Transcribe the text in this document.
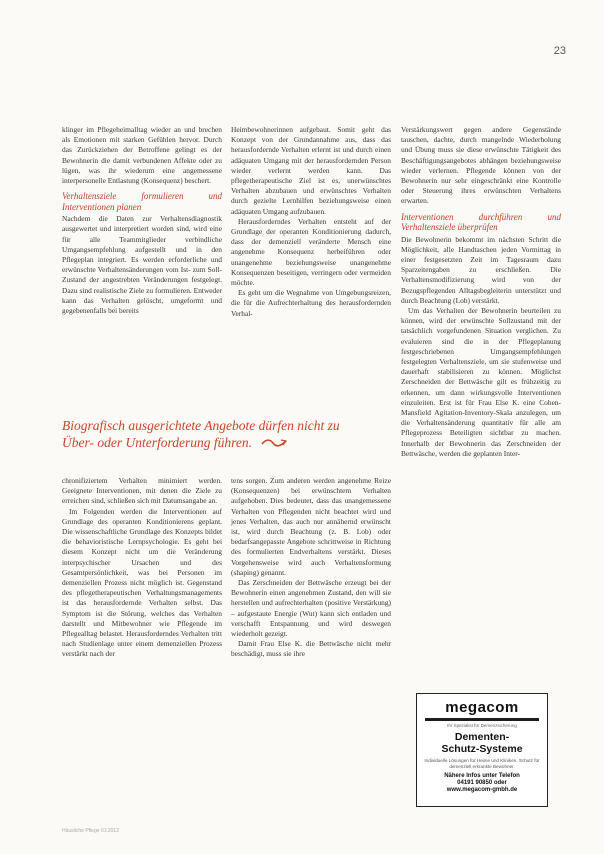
23

klinger im Pflegeheimalltag wieder an und brechen als Emotionen mit starken Gefühlen hervor. Durch das Zurückziehen der Betroffene gelingt es der Bewohnerin die damit verbundenen Affekte oder zu lügen, was ihr wiederum eine angemessene interpersonelle Entlastung (Konsequenz) beschert.

Verhaltensziele formulieren und Interventionen planen

Nachdem die Daten zur Verhaltensdiagnostik ausgewertet und interpretiert worden sind, wird eine für alle Teammitglieder verbindliche Umgangsempfehlung aufgestellt und in den Pflegeplan integriert. Es werden erforderliche und erwünschte Verhaltensänderungen vom Ist- zum Soll-Zustand der angestrebten Veränderungen festgelegt. Dazu sind realistische Ziele zu formulieren. Entweder kann das Verhalten gelöscht, umgeformt und gegebenenfalls bei bereits

Heimbewohnerinnen aufgebaut. Somit geht das Konzept von der Grundannahme aus, dass das herausfordernde Verhalten erlernt ist und durch einen adäquaten Umgang mit der herausfordernden Person wieder verlernt werden kann. Das pflegetherapeutische Ziel ist es, unerwünschtes Verhalten abzubauen und erwünschtes Verhalten durch gezielte Lernhilfen beziehungsweise einen adäquaten Umgang aufzubauen.

Herausforderndes Verhalten entsteht auf der Grundlage der operanten Konditionierung dadurch, dass der demenziell veränderte Mensch eine angenehme Konsequenz herbeiführen oder unangenehme beziehungsweise unangenehme Konsequenzen beseitigen, verringern oder vermeiden möchte.

Es geht um die Wegnahme von Umgebungsreizen, die für die Aufrechterhaltung des herausfordernden Verhal-

Verstärkungswert gegen andere Gegenstände tauschen, dachte, durch mangelnde Wiederholung und Übung muss sie diese erwünschte Tätigkeit des Beschäftigungsangebotes abhängen beziehungsweise wieder verlernen. Pflegende können von der Bewohnerin nur sehr eingeschränkt eine Kontrolle oder Steuerung ihres erwünschten Verhaltens erwarten.

Interventionen durchführen und Verhaltensziele überprüfen

Die Bewohnerin bekommt im nächsten Schritt die Möglichkeit, alle Handtaschen jeden Vormittag in einer festgesetzten Zeit im Tagesraum dazu Sparzeitengaben zu erschließen. Die Verhaltensmodifizierung wird von der Bezugspflegenden Alltagsbegleiterin unterstützt und durch Beachtung (Lob) verstärkt.

Um das Verhalten der Bewohnerin beurteilen zu können, wird der erwünschte Sollzustand mit der tatsächlich vorgefundenen Situation verglichen. Zu evaluieren sind die in der Pflegeplanung festgeschriebenen Umgangsempfehlungen festgelegten Verhaltensziele, um sie stufenweise und dauerhaft stabilisieren zu können. Möglichst Zerschneiden der Bettwäsche gilt es frühzeitig zu erkennen, um dann wirkungsvolle Interventionen einzuleiten. Erst ist für Frau Else K. eine Cohen-Mansfield Agitation-Inventory-Skala anzulegen, um die Verhaltensänderung quantitativ für alle am Pflegeprozess Beteiligten sichtbar zu machen. Innerhalb der Bewohnerin das Zerschneiden der Bettwäsche, werden die geplanten Inter-

Biografisch ausgerichtete Angebote dürfen nicht zu
Über- oder Unterforderung führen.

chronifiziertem Verhalten minimiert werden. Geeignete Interventionen, mit denen die Ziele zu erreichen sind, schließen sich mit Datumsangabe an.

Im Folgenden werden die Interventionen auf Grundlage des operanten Konditionierens geplant. Die wissenschaftliche Grundlage des Konzepts bildet die behavioristische Lernpsychologie. Es geht bei diesem Konzept nicht um die Veränderung interpsychischer Ursachen und des Gesamtpersönlichkeit, was bei Personen im demenziellen Prozess nicht möglich ist. Gegenstand des pflegetherapeutischen Verhaltungsmanagements ist das herausfordernde Verhalten selbst. Das Symptom ist die Störung, welches das Verhalten darstellt und Mitbewohner wie Pflegende im Pflegealltag belastet. Herausforderndes Verhalten tritt nach Studienlage unter einem demenziellen Prozess verstärkt nach der

tens sorgen. Zum anderen werden angenehme Reize (Konsequenzen) bei erwünschtem Verhalten aufgehoben. Dies bedeutet, dass das unangemessene Verhalten von Pflegenden nicht beachtet wird und jenes Verhalten, das auch nur annähernd erwünscht ist, wird durch Beachtung (z. B. Lob) oder bedarfsangepasste Angebote schrittweise in Richtung des formulierten Endverhaltens verstärkt. Dieses Vorgehensweise wird auch Verhaltensformung (shaping) genannt.

Das Zerschneiden der Bettwäsche erzeugt bei der Bewohnerin einen angenehmen Zustand, den will sie herstellen und aufrechterhalten (positive Verstärkung) – aufgestaute Energie (Wut) kann sich entladen und verschafft Entspannung und wird deswegen wiederholt gezeigt.

Damit Frau Else K. die Bettwäsche nicht mehr beschädigt, muss sie ihre

megacom
Ihr Spezialist für Demenzsicherung
Dementen-
Schutz-Systeme
Individuelle Lösungen für Heime und Kliniken. Schutz für demenziell erkrankte Bewohner.
Nähere Infos unter Telefon
04191 90850 oder
www.megacom-gmbh.de
Häusliche Pflege 01 2012
